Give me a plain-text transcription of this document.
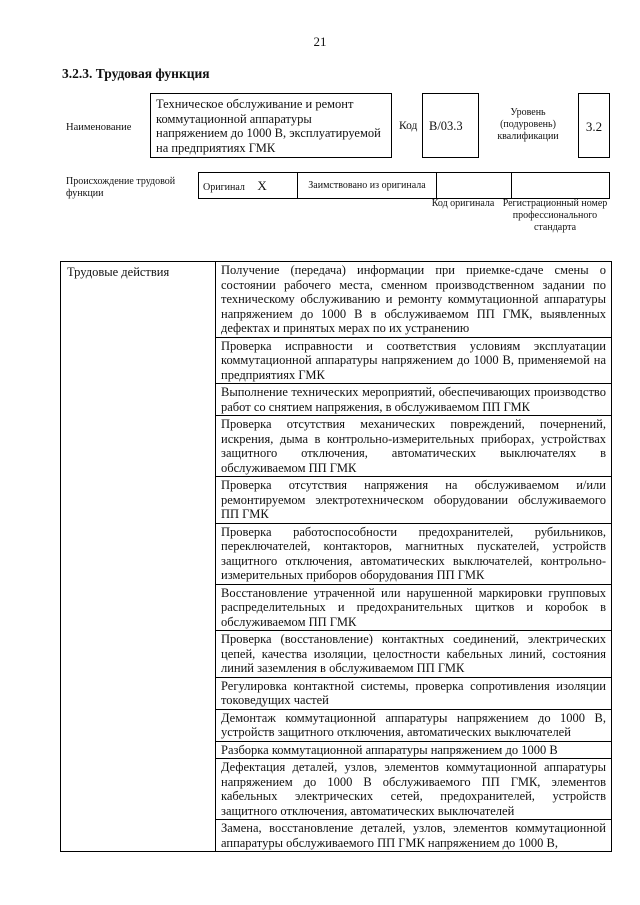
21
3.2.3. Трудовая функция
Наименование
Техническое обслуживание и ремонт коммутационной аппаратуры напряжением до 1000 В, эксплуатируемой на предприятиях ГМК
Код B/03.3
Уровень (подуровень) квалификации
3.2
Происхождение трудовой функции
Оригинал X	Заимствовано из оригинала		
Код оригинала Регистрационный номер профессионального стандарта
Трудовые действия	Получение (передача) информации при приемке-сдаче смены о состоянии рабочего места, сменном производственном задании по техническому обслуживанию и ремонту коммутационной аппаратуры напряжением до 1000 В в обслуживаемом ПП ГМК, выявленных дефектах и принятых мерах по их устранению
Проверка исправности и соответствия условиям эксплуатации коммутационной аппаратуры напряжением до 1000 В, применяемой на предприятиях ГМК
Выполнение технических мероприятий, обеспечивающих производство работ со снятием напряжения, в обслуживаемом ПП ГМК
Проверка отсутствия механических повреждений, почернений, искрения, дыма в контрольно-измерительных приборах, устройствах защитного отключения, автоматических выключателях в обслуживаемом ПП ГМК
Проверка отсутствия напряжения на обслуживаемом и/или ремонтируемом электротехническом оборудовании обслуживаемого ПП ГМК
Проверка работоспособности предохранителей, рубильников, переключателей, контакторов, магнитных пускателей, устройств защитного отключения, автоматических выключателей, контрольно-измерительных приборов оборудования ПП ГМК
Восстановление утраченной или нарушенной маркировки групповых распределительных и предохранительных щитков и коробок в обслуживаемом ПП ГМК
Проверка (восстановление) контактных соединений, электрических цепей, качества изоляции, целостности кабельных линий, состояния линий заземления в обслуживаемом ПП ГМК
Регулировка контактной системы, проверка сопротивления изоляции токоведущих частей
Демонтаж коммутационной аппаратуры напряжением до 1000 В, устройств защитного отключения, автоматических выключателей
Разборка коммутационной аппаратуры напряжением до 1000 В
Дефектация деталей, узлов, элементов коммутационной аппаратуры напряжением до 1000 В обслуживаемого ПП ГМК, элементов кабельных электрических сетей, предохранителей, устройств защитного отключения, автоматических выключателей
Замена, восстановление деталей, узлов, элементов коммутационной аппаратуры обслуживаемого ПП ГМК напряжением до 1000 В,
